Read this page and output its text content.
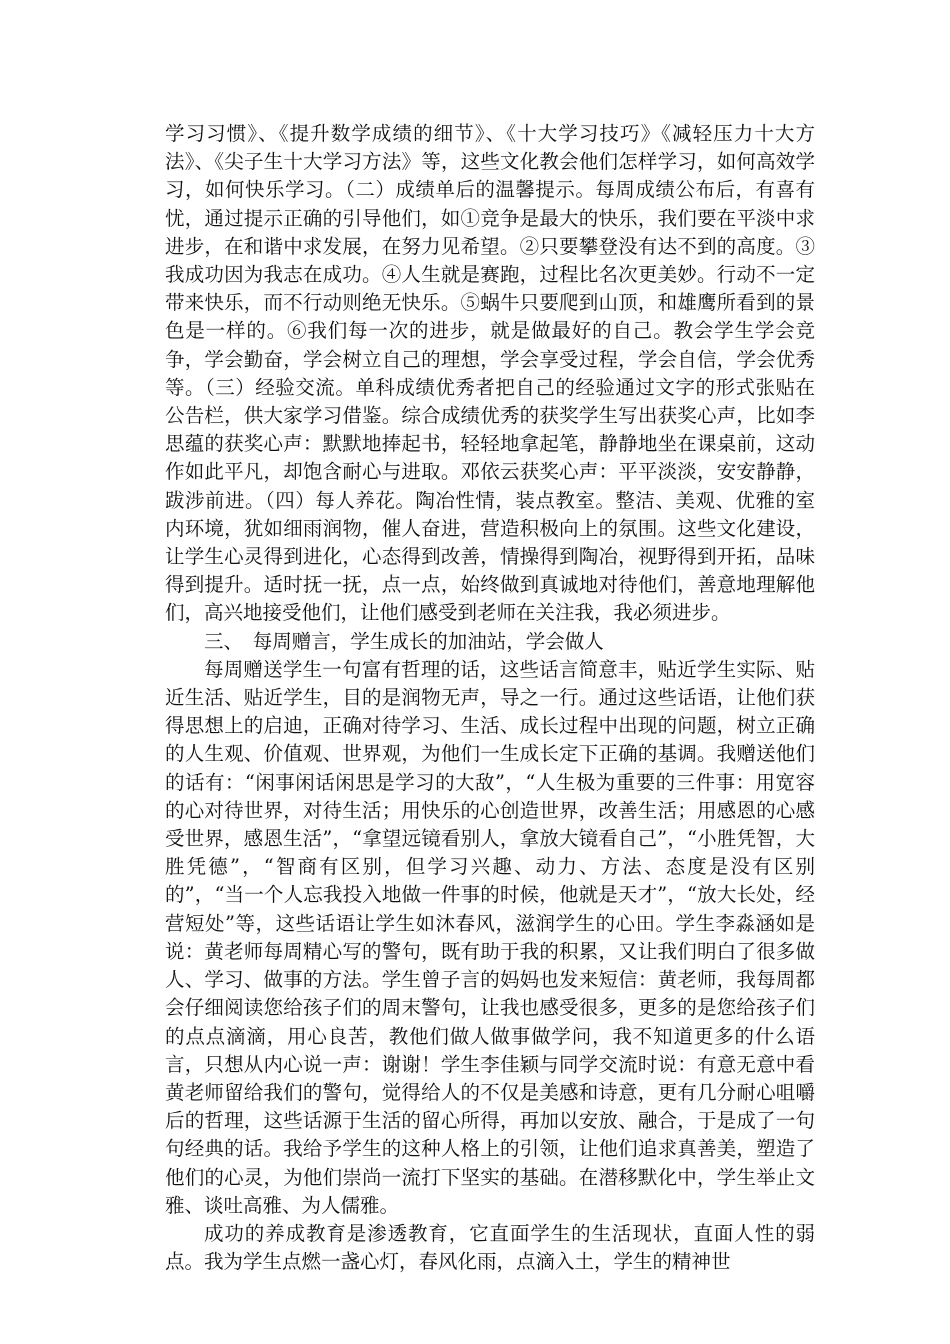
学习习惯》、《提升数学成绩的细节》、《十大学习技巧》《减轻压力十大方法》、《尖子生十大学习方法》等，这些文化教会他们怎样学习，如何高效学习，如何快乐学习。（二）成绩单后的温馨提示。每周成绩公布后，有喜有忧，通过提示正确的引导他们，如①竞争是最大的快乐，我们要在平淡中求进步，在和谐中求发展，在努力见希望。②只要攀登没有达不到的高度。③我成功因为我志在成功。④人生就是赛跑，过程比名次更美妙。行动不一定带来快乐，而不行动则绝无快乐。⑤蜗牛只要爬到山顶，和雄鹰所看到的景色是一样的。⑥我们每一次的进步，就是做最好的自己。教会学生学会竞争，学会勤奋，学会树立自己的理想，学会享受过程，学会自信，学会优秀等。（三）经验交流。单科成绩优秀者把自己的经验通过文字的形式张贴在公告栏，供大家学习借鉴。综合成绩优秀的获奖学生写出获奖心声，比如李思蕴的获奖心声：默默地捧起书，轻轻地拿起笔，静静地坐在课桌前，这动作如此平凡，却饱含耐心与进取。邓依云获奖心声：平平淡淡，安安静静，跋涉前进。（四）每人养花。陶冶性情，装点教室。整洁、美观、优雅的室内环境，犹如细雨润物，催人奋进，营造积极向上的氛围。这些文化建设，让学生心灵得到进化，心态得到改善，情操得到陶冶，视野得到开拓，品味得到提升。适时抚一抚，点一点，始终做到真诚地对待他们，善意地理解他们，高兴地接受他们，让他们感受到老师在关注我，我必须进步。

三、　每周赠言，学生成长的加油站，学会做人

每周赠送学生一句富有哲理的话，这些话言简意丰，贴近学生实际、贴近生活、贴近学生，目的是润物无声，导之一行。通过这些话语，让他们获得思想上的启迪，正确对待学习、生活、成长过程中出现的问题，树立正确的人生观、价值观、世界观，为他们一生成长定下正确的基调。我赠送他们的话有：“闲事闲话闲思是学习的大敌”，“人生极为重要的三件事：用宽容的心对待世界，对待生活；用快乐的心创造世界，改善生活；用感恩的心感受世界，感恩生活”，“拿望远镜看别人，拿放大镜看自己”，“小胜凭智，大胜凭德”，“智商有区别，但学习兴趣、动力、方法、态度是没有区别的”，“当一个人忘我投入地做一件事的时候，他就是天才”，“放大长处，经营短处”等，这些话语让学生如沐春风，滋润学生的心田。学生李淼涵如是说：黄老师每周精心写的警句，既有助于我的积累，又让我们明白了很多做人、学习、做事的方法。学生曾子言的妈妈也发来短信：黄老师，我每周都会仔细阅读您给孩子们的周末警句，让我也感受很多，更多的是您给孩子们的点点滴滴，用心良苦，教他们做人做事做学问，我不知道更多的什么语言，只想从内心说一声：谢谢！学生李佳颖与同学交流时说：有意无意中看黄老师留给我们的警句，觉得给人的不仅是美感和诗意，更有几分耐心咀嚼后的哲理，这些话源于生活的留心所得，再加以安放、融合，于是成了一句句经典的话。我给予学生的这种人格上的引领，让他们追求真善美，塑造了他们的心灵，为他们崇尚一流打下坚实的基础。在潜移默化中，学生举止文雅、谈吐高雅、为人儒雅。

成功的养成教育是渗透教育，它直面学生的生活现状，直面人性的弱点。我为学生点燃一盏心灯，春风化雨，点滴入土，学生的精神世
